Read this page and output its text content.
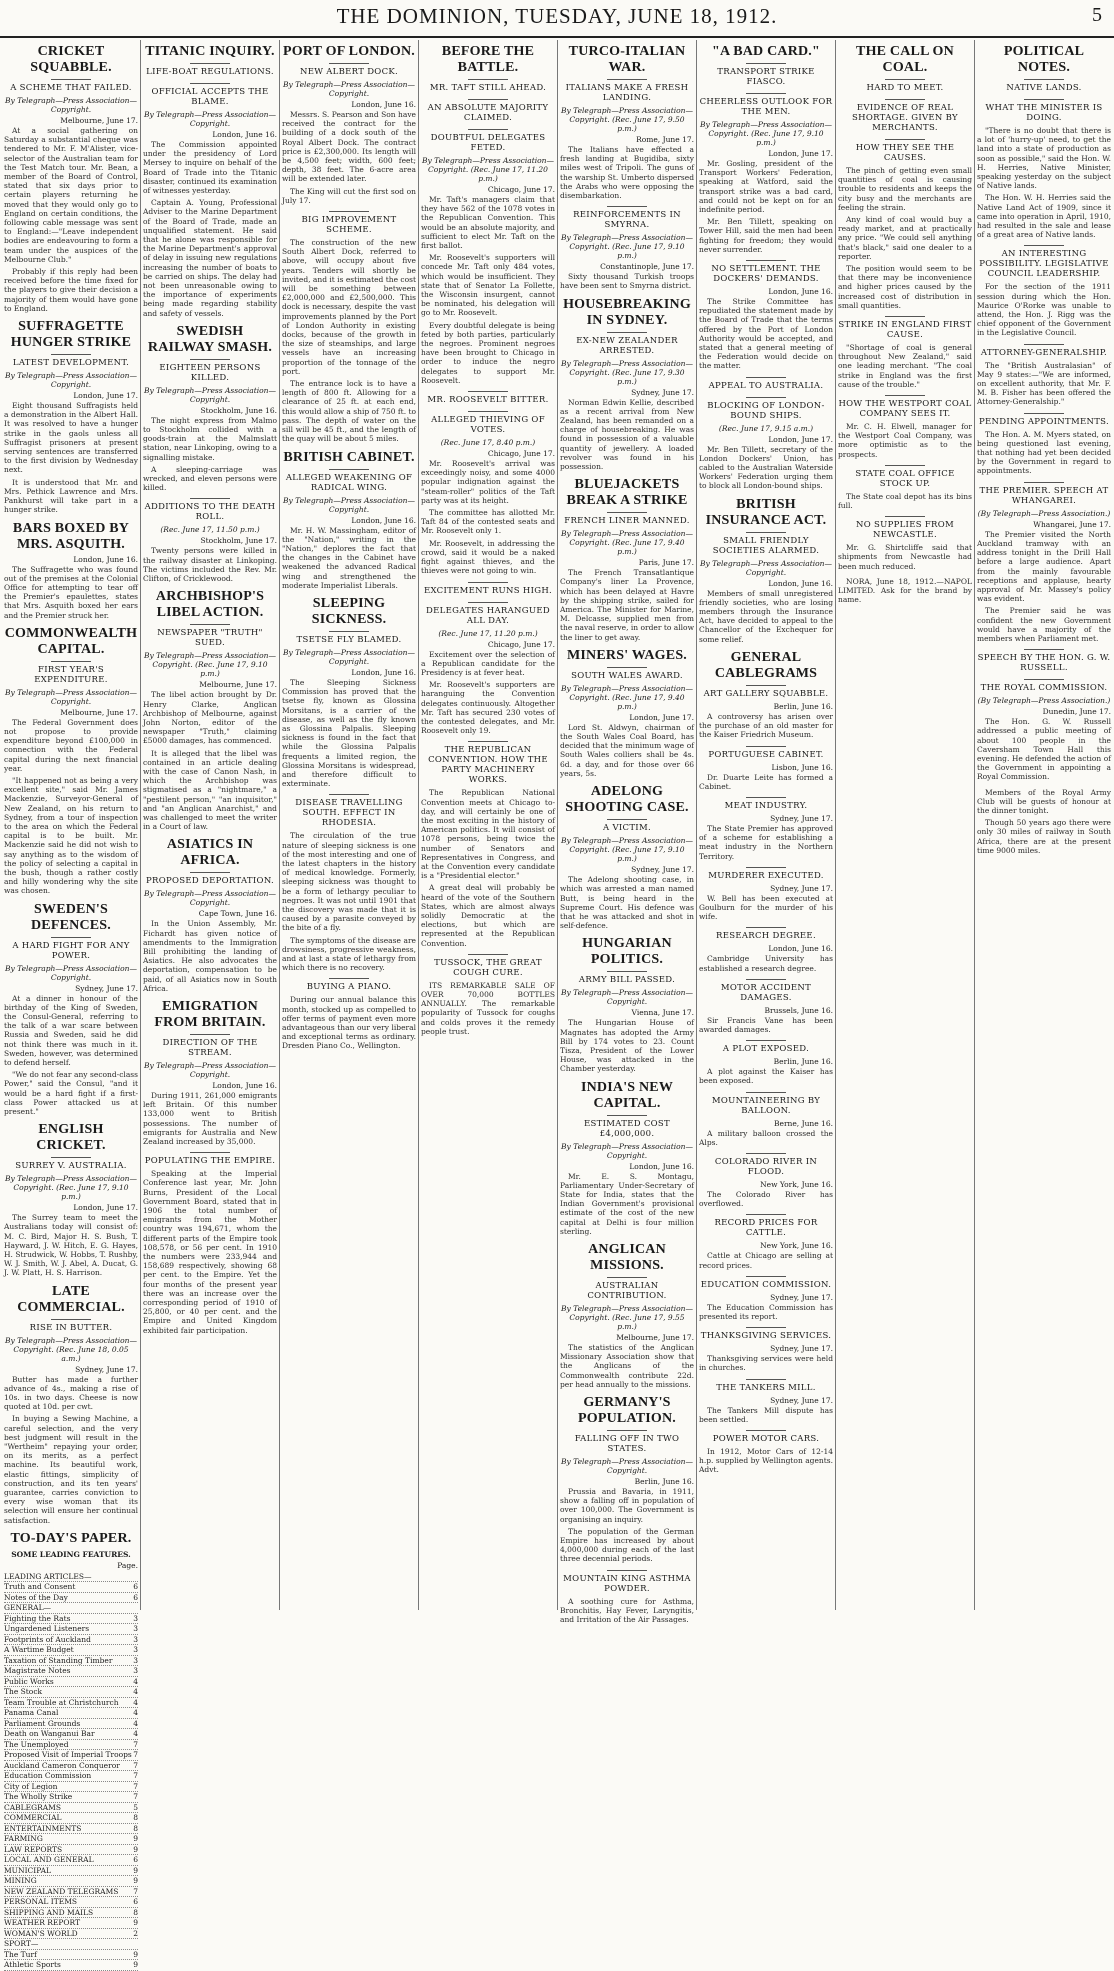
THE DOMINION, TUESDAY, JUNE 18, 1912.	5
CRICKET SQUABBLE.
A SCHEME THAT FAILED.
By Telegraph—Press Association—Copyright.
Melbourne, June 17.
At a social gathering on Saturday a substantial cheque was tendered to Mr. F. M'Alister, vice-selector of the Australian team for the Test Match tour. Mr. Bean, a member of the Board of Control, stated that six days prior to certain players returning he moved that they would only go to England on certain conditions, the following cable message was sent to England:—"Leave independent bodies are endeavouring to form a team under the auspices of the Melbourne Club."
Probably if this reply had been received before the time fixed for the players to give their decision a majority of them would have gone to England.
SUFFRAGETTE HUNGER STRIKE
LATEST DEVELOPMENT.
By Telegraph—Press Association—Copyright.
London, June 17.
Eight thousand Suffragists held a demonstration in the Albert Hall. It was resolved to have a hunger strike in the gaols unless all Suffragist prisoners at present serving sentences are transferred to the first division by Wednesday next.
It is understood that Mr. and Mrs. Pethick Lawrence and Mrs. Pankhurst will take part in a hunger strike.
BARS BOXED BY MRS. ASQUITH.
London, June 16.
The Suffragette who was found out of the premises at the Colonial Office for attempting to tear off the Premier's epaulettes, states that Mrs. Asquith boxed her ears and the Premier struck her.
COMMONWEALTH CAPITAL.
FIRST YEAR'S EXPENDITURE.
By Telegraph—Press Association—Copyright.
Melbourne, June 17.
The Federal Government does not propose to provide expenditure beyond £100,000 in connection with the Federal capital during the next financial year.
"It happened not as being a very excellent site," said Mr. James Mackenzie, Surveyor-General of New Zealand, on his return to Sydney, from a tour of inspection to the area on which the Federal capital is to be built. Mr. Mackenzie said he did not wish to say anything as to the wisdom of the policy of selecting a capital in the bush, though a rather costly and hilly wondering why the site was chosen.
SWEDEN'S DEFENCES.
A HARD FIGHT FOR ANY POWER.
By Telegraph—Press Association—Copyright.
Sydney, June 17.
At a dinner in honour of the birthday of the King of Sweden, the Consul-General, referring to the talk of a war scare between Russia and Sweden, said he did not think there was much in it. Sweden, however, was determined to defend herself.
"We do not fear any second-class Power," said the Consul, "and it would be a hard fight if a first-class Power attacked us at present."
ENGLISH CRICKET.
SURREY V. AUSTRALIA.
By Telegraph—Press Association—Copyright. (Rec. June 17, 9.10 p.m.)
London, June 17.
The Surrey team to meet the Australians today will consist of: M. C. Bird, Major H. S. Bush, T. Hayward, J. W. Hitch, E. G. Hayes, H. Strudwick, W. Hobbs, T. Rushby, W. J. Smith, W. J. Abel, A. Ducat, G. J. W. Platt, H. S. Harrison.
LATE COMMERCIAL.
RISE IN BUTTER.
By Telegraph—Press Association—Copyright. (Rec. June 18, 0.05 a.m.)
Sydney, June 17.
Butter has made a further advance of 4s., making a rise of 10s. in two days. Cheese is now quoted at 10d. per cwt.
In buying a Sewing Machine, a careful selection, and the very best judgment will result in the "Wertheim" repaying your order, on its merits, as a perfect machine. Its beautiful work, elastic fittings, simplicity of construction, and its ten years' guarantee, carries conviction to every wise woman that its selection will ensure her continual satisfaction.
TO-DAY'S PAPER.
SOME LEADING FEATURES.
Page.
LEADING ARTICLES—
Truth and Consent	6
Notes of the Day	6
GENERAL—
Fighting the Rats	3
Ungardened Listeners	3
Footprints of Auckland	3
A Wartime Budget	3
Taxation of Standing Timber	3
Magistrate Notes	3
Public Works	4
The Stock	4
Team Trouble at Christchurch 4
Panama Canal	4
Parliament Grounds	4
Death on Wanganui Bar	4
The Unemployed	7
Proposed Visit of Imperial Troops 7
Auckland Cameron Conqueror 7
Education Commission	7
City of Legion	7
The Wholly Strike	7
CABLEGRAMS	5
COMMERCIAL	8
ENTERTAINMENTS	8
FARMING	9
LAW REPORTS	9
LOCAL AND GENERAL	6
MUNICIPAL	9
MINING	9
NEW ZEALAND TELEGRAMS 7
PERSONAL ITEMS	6
SHIPPING AND MAILS	8
WEATHER REPORT	9
WOMAN'S WORLD	2
SPORT—
The Turf	9
Athletic Sports	9
TITANIC INQUIRY.
LIFE-BOAT REGULATIONS.
OFFICIAL ACCEPTS THE BLAME.
By Telegraph—Press Association—Copyright.
London, June 16.
The Commission appointed under the presidency of Lord Mersey to inquire on behalf of the Board of Trade into the Titanic disaster, continued its examination of witnesses yesterday.
Captain A. Young, Professional Adviser to the Marine Department of the Board of Trade, made an unqualified statement. He said that he alone was responsible for the Marine Department's approval of delay in issuing new regulations increasing the number of boats to be carried on ships. The delay had not been unreasonable owing to the importance of experiments being made regarding stability and safety of vessels.
SWEDISH RAILWAY SMASH.
EIGHTEEN PERSONS KILLED.
By Telegraph—Press Association—Copyright.
Stockholm, June 16.
The night express from Malmo to Stockholm collided with a goods-train at the Malmslatt station, near Linkoping, owing to a signalling mistake.
A sleeping-carriage was wrecked, and eleven persons were killed.
ADDITIONS TO THE DEATH ROLL.
(Rec. June 17, 11.50 p.m.)
Stockholm, June 17.
Twenty persons were killed in the railway disaster at Linkoping. The victims included the Rev. Mr. Clifton, of Cricklewood.
ARCHBISHOP'S LIBEL ACTION.
NEWSPAPER "TRUTH" SUED.
By Telegraph—Press Association—Copyright. (Rec. June 17, 9.10 p.m.)
Melbourne, June 17.
The libel action brought by Dr. Henry Clarke, Anglican Archbishop of Melbourne, against John Norton, editor of the newspaper "Truth," claiming £5000 damages, has commenced.
It is alleged that the libel was contained in an article dealing with the case of Canon Nash, in which the Archbishop was stigmatised as a "nightmare," a "pestilent person," "an inquisitor," and "an Anglican Anarchist," and was challenged to meet the writer in a Court of law.
ASIATICS IN AFRICA.
PROPOSED DEPORTATION.
By Telegraph—Press Association—Copyright.
Cape Town, June 16.
In the Union Assembly, Mr. Fichardt has given notice of amendments to the Immigration Bill prohibiting the landing of Asiatics. He also advocates the deportation, compensation to be paid, of all Asiatics now in South Africa.
EMIGRATION FROM BRITAIN.
DIRECTION OF THE STREAM.
By Telegraph—Press Association—Copyright.
London, June 16.
During 1911, 261,000 emigrants left Britain. Of this number 133,000 went to British possessions. The number of emigrants for Australia and New Zealand increased by 35,000.
POPULATING THE EMPIRE.
Speaking at the Imperial Conference last year, Mr. John Burns, President of the Local Government Board, stated that in 1906 the total number of emigrants from the Mother country was 194,671, whom the different parts of the Empire took 108,578, or 56 per cent. In 1910 the numbers were 233,944 and 158,689 respectively, showing 68 per cent. to the Empire. Yet the four months of the present year there was an increase over the corresponding period of 1910 of 25,800, or 40 per cent. and the Empire and United Kingdom exhibited fair participation.
PORT OF LONDON.
NEW ALBERT DOCK.
By Telegraph—Press Association—Copyright.
London, June 16.
Messrs. S. Pearson and Son have received the contract for the building of a dock south of the Royal Albert Dock. The contract price is £2,300,000. Its length will be 4,500 feet; width, 600 feet; depth, 38 feet. The 6-acre area will be extended later.
The King will cut the first sod on July 17.
BIG IMPROVEMENT SCHEME.
The construction of the new South Albert Dock, referred to above, will occupy about five years. Tenders will shortly be invited, and it is estimated the cost will be something between £2,000,000 and £2,500,000. This dock is necessary, despite the vast improvements planned by the Port of London Authority in existing docks, because of the growth in the size of steamships, and large vessels have an increasing proportion of the tonnage of the port.
The entrance lock is to have a length of 800 ft. Allowing for a clearance of 25 ft. at each end, this would allow a ship of 750 ft. to pass. The depth of water on the sill will be 45 ft., and the length of the quay will be about 5 miles.
BRITISH CABINET.
ALLEGED WEAKENING OF RADICAL WING.
By Telegraph—Press Association—Copyright.
London, June 16.
Mr. H. W. Massingham, editor of the "Nation," writing in the "Nation," deplores the fact that the changes in the Cabinet have weakened the advanced Radical wing and strengthened the moderate Imperialist Liberals.
SLEEPING SICKNESS.
TSETSE FLY BLAMED.
By Telegraph—Press Association—Copyright.
London, June 16.
The Sleeping Sickness Commission has proved that the tsetse fly, known as Glossina Morsitans, is a carrier of the disease, as well as the fly known as Glossina Palpalis. Sleeping sickness is found in the fact that while the Glossina Palpalis frequents a limited region, the Glossina Morsitans is widespread, and therefore difficult to exterminate.
DISEASE TRAVELLING SOUTH. EFFECT IN RHODESIA.
The circulation of the true nature of sleeping sickness is one of the most interesting and one of the latest chapters in the history of medical knowledge. Formerly, sleeping sickness was thought to be a form of lethargy peculiar to negroes. It was not until 1901 that the discovery was made that it is caused by a parasite conveyed by the bite of a fly.
The symptoms of the disease are drowsiness, progressive weakness, and at last a state of lethargy from which there is no recovery.
BUYING A PIANO.
During our annual balance this month, stocked up as compelled to offer terms of payment even more advantageous than our very liberal and exceptional terms as ordinary. Dresden Piano Co., Wellington.
BEFORE THE BATTLE.
MR. TAFT STILL AHEAD.
AN ABSOLUTE MAJORITY CLAIMED.
DOUBTFUL DELEGATES FETED.
By Telegraph—Press Association—Copyright. (Rec. June 17, 11.20 p.m.)
Chicago, June 17.
Mr. Taft's managers claim that they have 562 of the 1078 votes in the Republican Convention. This would be an absolute majority, and sufficient to elect Mr. Taft on the first ballot.
Mr. Roosevelt's supporters will concede Mr. Taft only 484 votes, which would be insufficient. They state that of Senator La Follette, the Wisconsin insurgent, cannot be nominated, his delegation will go to Mr. Roosevelt.
Every doubtful delegate is being feted by both parties, particularly the negroes. Prominent negroes have been brought to Chicago in order to induce the negro delegates to support Mr. Roosevelt.
MR. ROOSEVELT BITTER.
ALLEGED THIEVING OF VOTES.
(Rec. June 17, 8.40 p.m.)
Chicago, June 17.
Mr. Roosevelt's arrival was exceedingly noisy, and some 4000 popular indignation against the "steam-roller" politics of the Taft party was at its height.
The committee has allotted Mr. Taft 84 of the contested seats and Mr. Roosevelt only 1.
Mr. Roosevelt, in addressing the crowd, said it would be a naked fight against thieves, and the thieves were not going to win.
EXCITEMENT RUNS HIGH.
DELEGATES HARANGUED ALL DAY.
(Rec. June 17, 11.20 p.m.)
Chicago, June 17.
Excitement over the selection of a Republican candidate for the Presidency is at fever heat.
Mr. Roosevelt's supporters are haranguing the Convention delegates continuously. Altogether Mr. Taft has secured 230 votes of the contested delegates, and Mr. Roosevelt only 19.
THE REPUBLICAN CONVENTION. HOW THE PARTY MACHINERY WORKS.
The Republican National Convention meets at Chicago to-day, and will certainly be one of the most exciting in the history of American politics. It will consist of 1078 persons, being twice the number of Senators and Representatives in Congress, and at the Convention every candidate is a "Presidential elector."
A great deal will probably be heard of the vote of the Southern States, which are almost always solidly Democratic at the elections, but which are represented at the Republican Convention.
TUSSOCK, THE GREAT COUGH CURE.
ITS REMARKABLE SALE OF OVER 70,000 BOTTLES ANNUALLY. The remarkable popularity of Tussock for coughs and colds proves it the remedy people trust.
TURCO-ITALIAN WAR.
ITALIANS MAKE A FRESH LANDING.
By Telegraph—Press Association—Copyright. (Rec. June 17, 9.50 p.m.)
Rome, June 17.
The Italians have effected a fresh landing at Bugidiba, sixty miles west of Tripoli. The guns of the warship St. Umberto dispersed the Arabs who were opposing the disembarkation.
REINFORCEMENTS IN SMYRNA.
By Telegraph—Press Association—Copyright. (Rec. June 17, 9.10 p.m.)
Constantinople, June 17.
Sixty thousand Turkish troops have been sent to Smyrna district.
HOUSEBREAKING IN SYDNEY.
EX-NEW ZEALANDER ARRESTED.
By Telegraph—Press Association—Copyright. (Rec. June 17, 9.30 p.m.)
Sydney, June 17.
Norman Edwin Kellie, described as a recent arrival from New Zealand, has been remanded on a charge of housebreaking. He was found in possession of a valuable quantity of jewellery. A loaded revolver was found in his possession.
BLUEJACKETS BREAK A STRIKE
FRENCH LINER MANNED.
By Telegraph—Press Association—Copyright. (Rec. June 17, 9.40 p.m.)
Paris, June 17.
The French Transatlantique Company's liner La Provence, which has been delayed at Havre by the shipping strike, sailed for America. The Minister for Marine, M. Delcasse, supplied men from the naval reserve, in order to allow the liner to get away.
MINERS' WAGES.
SOUTH WALES AWARD.
By Telegraph—Press Association—Copyright. (Rec. June 17, 9.40 p.m.)
London, June 17.
Lord St. Aldwyn, chairman of the South Wales Coal Board, has decided that the minimum wage of South Wales colliers shall be 4s. 6d. a day, and for those over 66 years, 5s.
ADELONG SHOOTING CASE.
A VICTIM.
By Telegraph—Press Association—Copyright. (Rec. June 17, 9.10 p.m.)
Sydney, June 17.
The Adelong shooting case, in which was arrested a man named Butt, is being heard in the Supreme Court. His defence was that he was attacked and shot in self-defence.
HUNGARIAN POLITICS.
ARMY BILL PASSED.
By Telegraph—Press Association—Copyright.
Vienna, June 17.
The Hungarian House of Magnates has adopted the Army Bill by 174 votes to 23. Count Tisza, President of the Lower House, was attacked in the Chamber yesterday.
INDIA'S NEW CAPITAL.
ESTIMATED COST £4,000,000.
By Telegraph—Press Association—Copyright.
London, June 16.
Mr. E. S. Montagu, Parliamentary Under-Secretary of State for India, states that the Indian Government's provisional estimate of the cost of the new capital at Delhi is four million sterling.
ANGLICAN MISSIONS.
AUSTRALIAN CONTRIBUTION.
By Telegraph—Press Association—Copyright. (Rec. June 17, 9.55 p.m.)
Melbourne, June 17.
The statistics of the Anglican Missionary Association show that the Anglicans of the Commonwealth contribute 22d. per head annually to the missions.
GERMANY'S POPULATION.
FALLING OFF IN TWO STATES.
By Telegraph—Press Association—Copyright.
Berlin, June 16.
Prussia and Bavaria, in 1911, show a falling off in population of over 100,000. The Government is organising an inquiry.
The population of the German Empire has increased by about 4,000,000 during each of the last three decennial periods.
MOUNTAIN KING ASTHMA POWDER.
A soothing cure for Asthma, Bronchitis, Hay Fever, Laryngitis, and Irritation of the Air Passages.
"A BAD CARD."
TRANSPORT STRIKE FIASCO.
CHEERLESS OUTLOOK FOR THE MEN.
By Telegraph—Press Association—Copyright. (Rec. June 17, 9.10 p.m.)
London, June 17.
Mr. Gosling, president of the Transport Workers' Federation, speaking at Watford, said the transport strike was a bad card, and could not be kept on for an indefinite period.
Mr. Ben Tillett, speaking on Tower Hill, said the men had been fighting for freedom; they would never surrender.
NO SETTLEMENT. THE DOCKERS' DEMANDS.
London, June 16.
The Strike Committee has repudiated the statement made by the Board of Trade that the terms offered by the Port of London Authority would be accepted, and stated that a general meeting of the Federation would decide on the matter.
APPEAL TO AUSTRALIA.
BLOCKING OF LONDON-BOUND SHIPS.
(Rec. June 17, 9.15 a.m.)
London, June 17.
Mr. Ben Tillett, secretary of the London Dockers' Union, has cabled to the Australian Waterside Workers' Federation urging them to block all London-bound ships.
BRITISH INSURANCE ACT.
SMALL FRIENDLY SOCIETIES ALARMED.
By Telegraph—Press Association—Copyright.
London, June 16.
Members of small unregistered friendly societies, who are losing members through the Insurance Act, have decided to appeal to the Chancellor of the Exchequer for some relief.
GENERAL CABLEGRAMS
ART GALLERY SQUABBLE.
Berlin, June 16.
A controversy has arisen over the purchase of an old master for the Kaiser Friedrich Museum.
PORTUGUESE CABINET.
Lisbon, June 16.
Dr. Duarte Leite has formed a Cabinet.
MEAT INDUSTRY.
Sydney, June 17.
The State Premier has approved of a scheme for establishing a meat industry in the Northern Territory.
MURDERER EXECUTED.
Sydney, June 17.
W. Bell has been executed at Goulburn for the murder of his wife.
RESEARCH DEGREE.
London, June 16.
Cambridge University has established a research degree.
MOTOR ACCIDENT DAMAGES.
Brussels, June 16.
Sir Francis Vane has been awarded damages.
A PLOT EXPOSED.
Berlin, June 16.
A plot against the Kaiser has been exposed.
MOUNTAINEERING BY BALLOON.
Berne, June 16.
A military balloon crossed the Alps.
COLORADO RIVER IN FLOOD.
New York, June 16.
The Colorado River has overflowed.
RECORD PRICES FOR CATTLE.
New York, June 16.
Cattle at Chicago are selling at record prices.
EDUCATION COMMISSION.
Sydney, June 17.
The Education Commission has presented its report.
THANKSGIVING SERVICES.
Sydney, June 17.
Thanksgiving services were held in churches.
THE TANKERS MILL.
Sydney, June 17.
The Tankers Mill dispute has been settled.
POWER MOTOR CARS.
In 1912, Motor Cars of 12-14 h.p. supplied by Wellington agents. Advt.
THE CALL ON COAL.
HARD TO MEET.
EVIDENCE OF REAL SHORTAGE. GIVEN BY MERCHANTS.
HOW THEY SEE THE CAUSES.
The pinch of getting even small quantities of coal is causing trouble to residents and keeps the city busy and the merchants are feeling the strain.
Any kind of coal would buy a ready market, and at practically any price. "We could sell anything that's black," said one dealer to a reporter.
The position would seem to be that there may be inconvenience and higher prices caused by the increased cost of distribution in small quantities.
STRIKE IN ENGLAND FIRST CAUSE.
"Shortage of coal is general throughout New Zealand," said one leading merchant. "The coal strike in England was the first cause of the trouble."
HOW THE WESTPORT COAL COMPANY SEES IT.
Mr. C. H. Elwell, manager for the Westport Coal Company, was more optimistic as to the prospects.
STATE COAL OFFICE STOCK UP.
The State coal depot has its bins full.
NO SUPPLIES FROM NEWCASTLE.
Mr. G. Shirtcliffe said that shipments from Newcastle had been much reduced.
NORA, June 18, 1912.—NAPOL LIMITED. Ask for the brand by name.
POLITICAL NOTES.
NATIVE LANDS.
WHAT THE MINISTER IS DOING.
"There is no doubt that there is a lot of 'hurry-up' need, to get the land into a state of production as soon as possible," said the Hon. W. H. Herries, Native Minister, speaking yesterday on the subject of Native lands.
The Hon. W. H. Herries said the Native Land Act of 1909, since it came into operation in April, 1910, had resulted in the sale and lease of a great area of Native lands.
AN INTERESTING POSSIBILITY. LEGISLATIVE COUNCIL LEADERSHIP.
For the section of the 1911 session during which the Hon. Maurice O'Rorke was unable to attend, the Hon. J. Rigg was the chief opponent of the Government in the Legislative Council.
ATTORNEY-GENERALSHIP.
The "British Australasian" of May 9 states:—"We are informed, on excellent authority, that Mr. F. M. B. Fisher has been offered the Attorney-Generalship."
PENDING APPOINTMENTS.
The Hon. A. M. Myers stated, on being questioned last evening, that nothing had yet been decided by the Government in regard to appointments.
THE PREMIER. SPEECH AT WHANGAREI.
(By Telegraph—Press Association.)
Whangarei, June 17.
The Premier visited the North Auckland tramway with an address tonight in the Drill Hall before a large audience. Apart from the mainly favourable receptions and applause, hearty approval of Mr. Massey's policy was evident.
The Premier said he was confident the new Government would have a majority of the members when Parliament met.
SPEECH BY THE HON. G. W. RUSSELL.
THE ROYAL COMMISSION.
(By Telegraph—Press Association.)
Dunedin, June 17.
The Hon. G. W. Russell addressed a public meeting of about 100 people in the Caversham Town Hall this evening. He defended the action of the Government in appointing a Royal Commission.
Members of the Royal Army Club will be guests of honour at the dinner tonight.
Though 50 years ago there were only 30 miles of railway in South Africa, there are at the present time 9000 miles.
